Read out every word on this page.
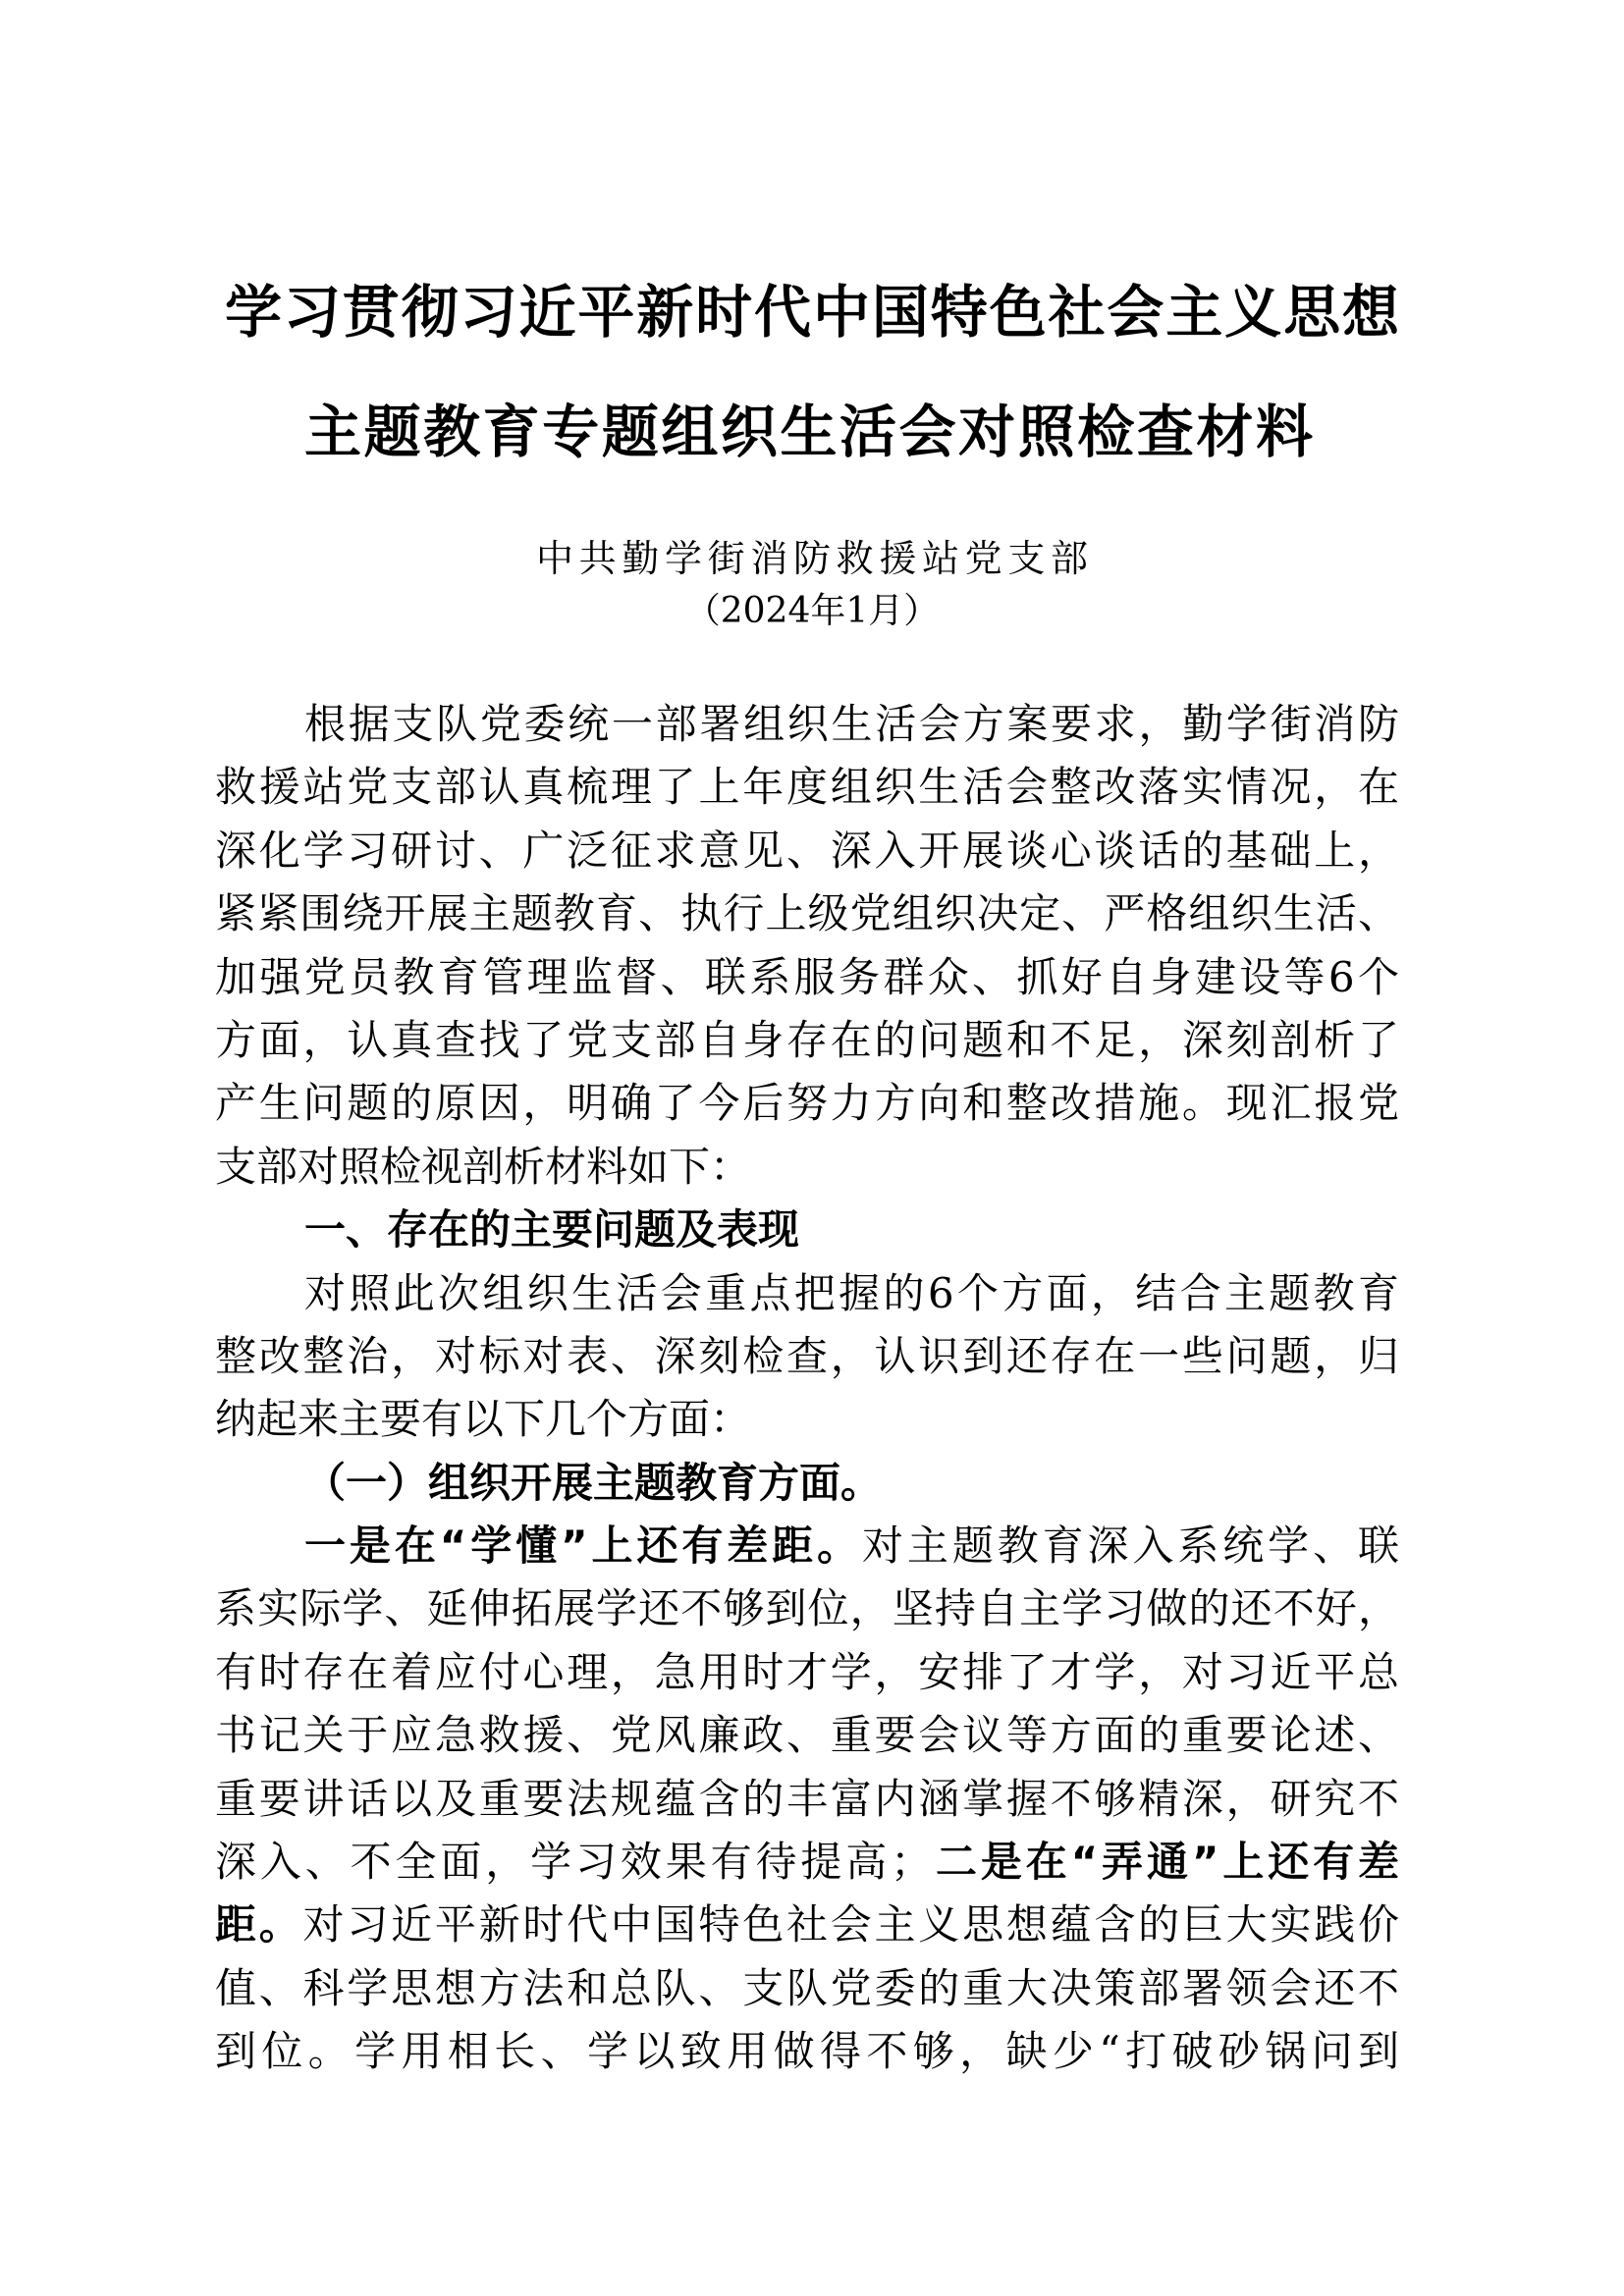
学习贯彻习近平新时代中国特色社会主义思想
主题教育专题组织生活会对照检查材料
中共勤学街消防救援站党支部
（2024年1月）
根据支队党委统一部署组织生活会方案要求，勤学街消防
救援站党支部认真梳理了上年度组织生活会整改落实情况，在
深化学习研讨、广泛征求意见、深入开展谈心谈话的基础上，
紧紧围绕开展主题教育、执行上级党组织决定、严格组织生活、
加强党员教育管理监督、联系服务群众、抓好自身建设等6个
方面，认真查找了党支部自身存在的问题和不足，深刻剖析了
产生问题的原因，明确了今后努力方向和整改措施。现汇报党
支部对照检视剖析材料如下：
一、存在的主要问题及表现
对照此次组织生活会重点把握的6个方面，结合主题教育
整改整治，对标对表、深刻检查，认识到还存在一些问题，归
纳起来主要有以下几个方面：
（一）组织开展主题教育方面。
一是在“学懂”上还有差距。对主题教育深入系统学、联
系实际学、延伸拓展学还不够到位，坚持自主学习做的还不好，
有时存在着应付心理，急用时才学，安排了才学，对习近平总
书记关于应急救援、党风廉政、重要会议等方面的重要论述、
重要讲话以及重要法规蕴含的丰富内涵掌握不够精深，研究不
深入、不全面，学习效果有待提高；二是在“弄通”上还有差
距。对习近平新时代中国特色社会主义思想蕴含的巨大实践价
值、科学思想方法和总队、支队党委的重大决策部署领会还不
到位。学用相长、学以致用做得不够，缺少“打破砂锅问到
